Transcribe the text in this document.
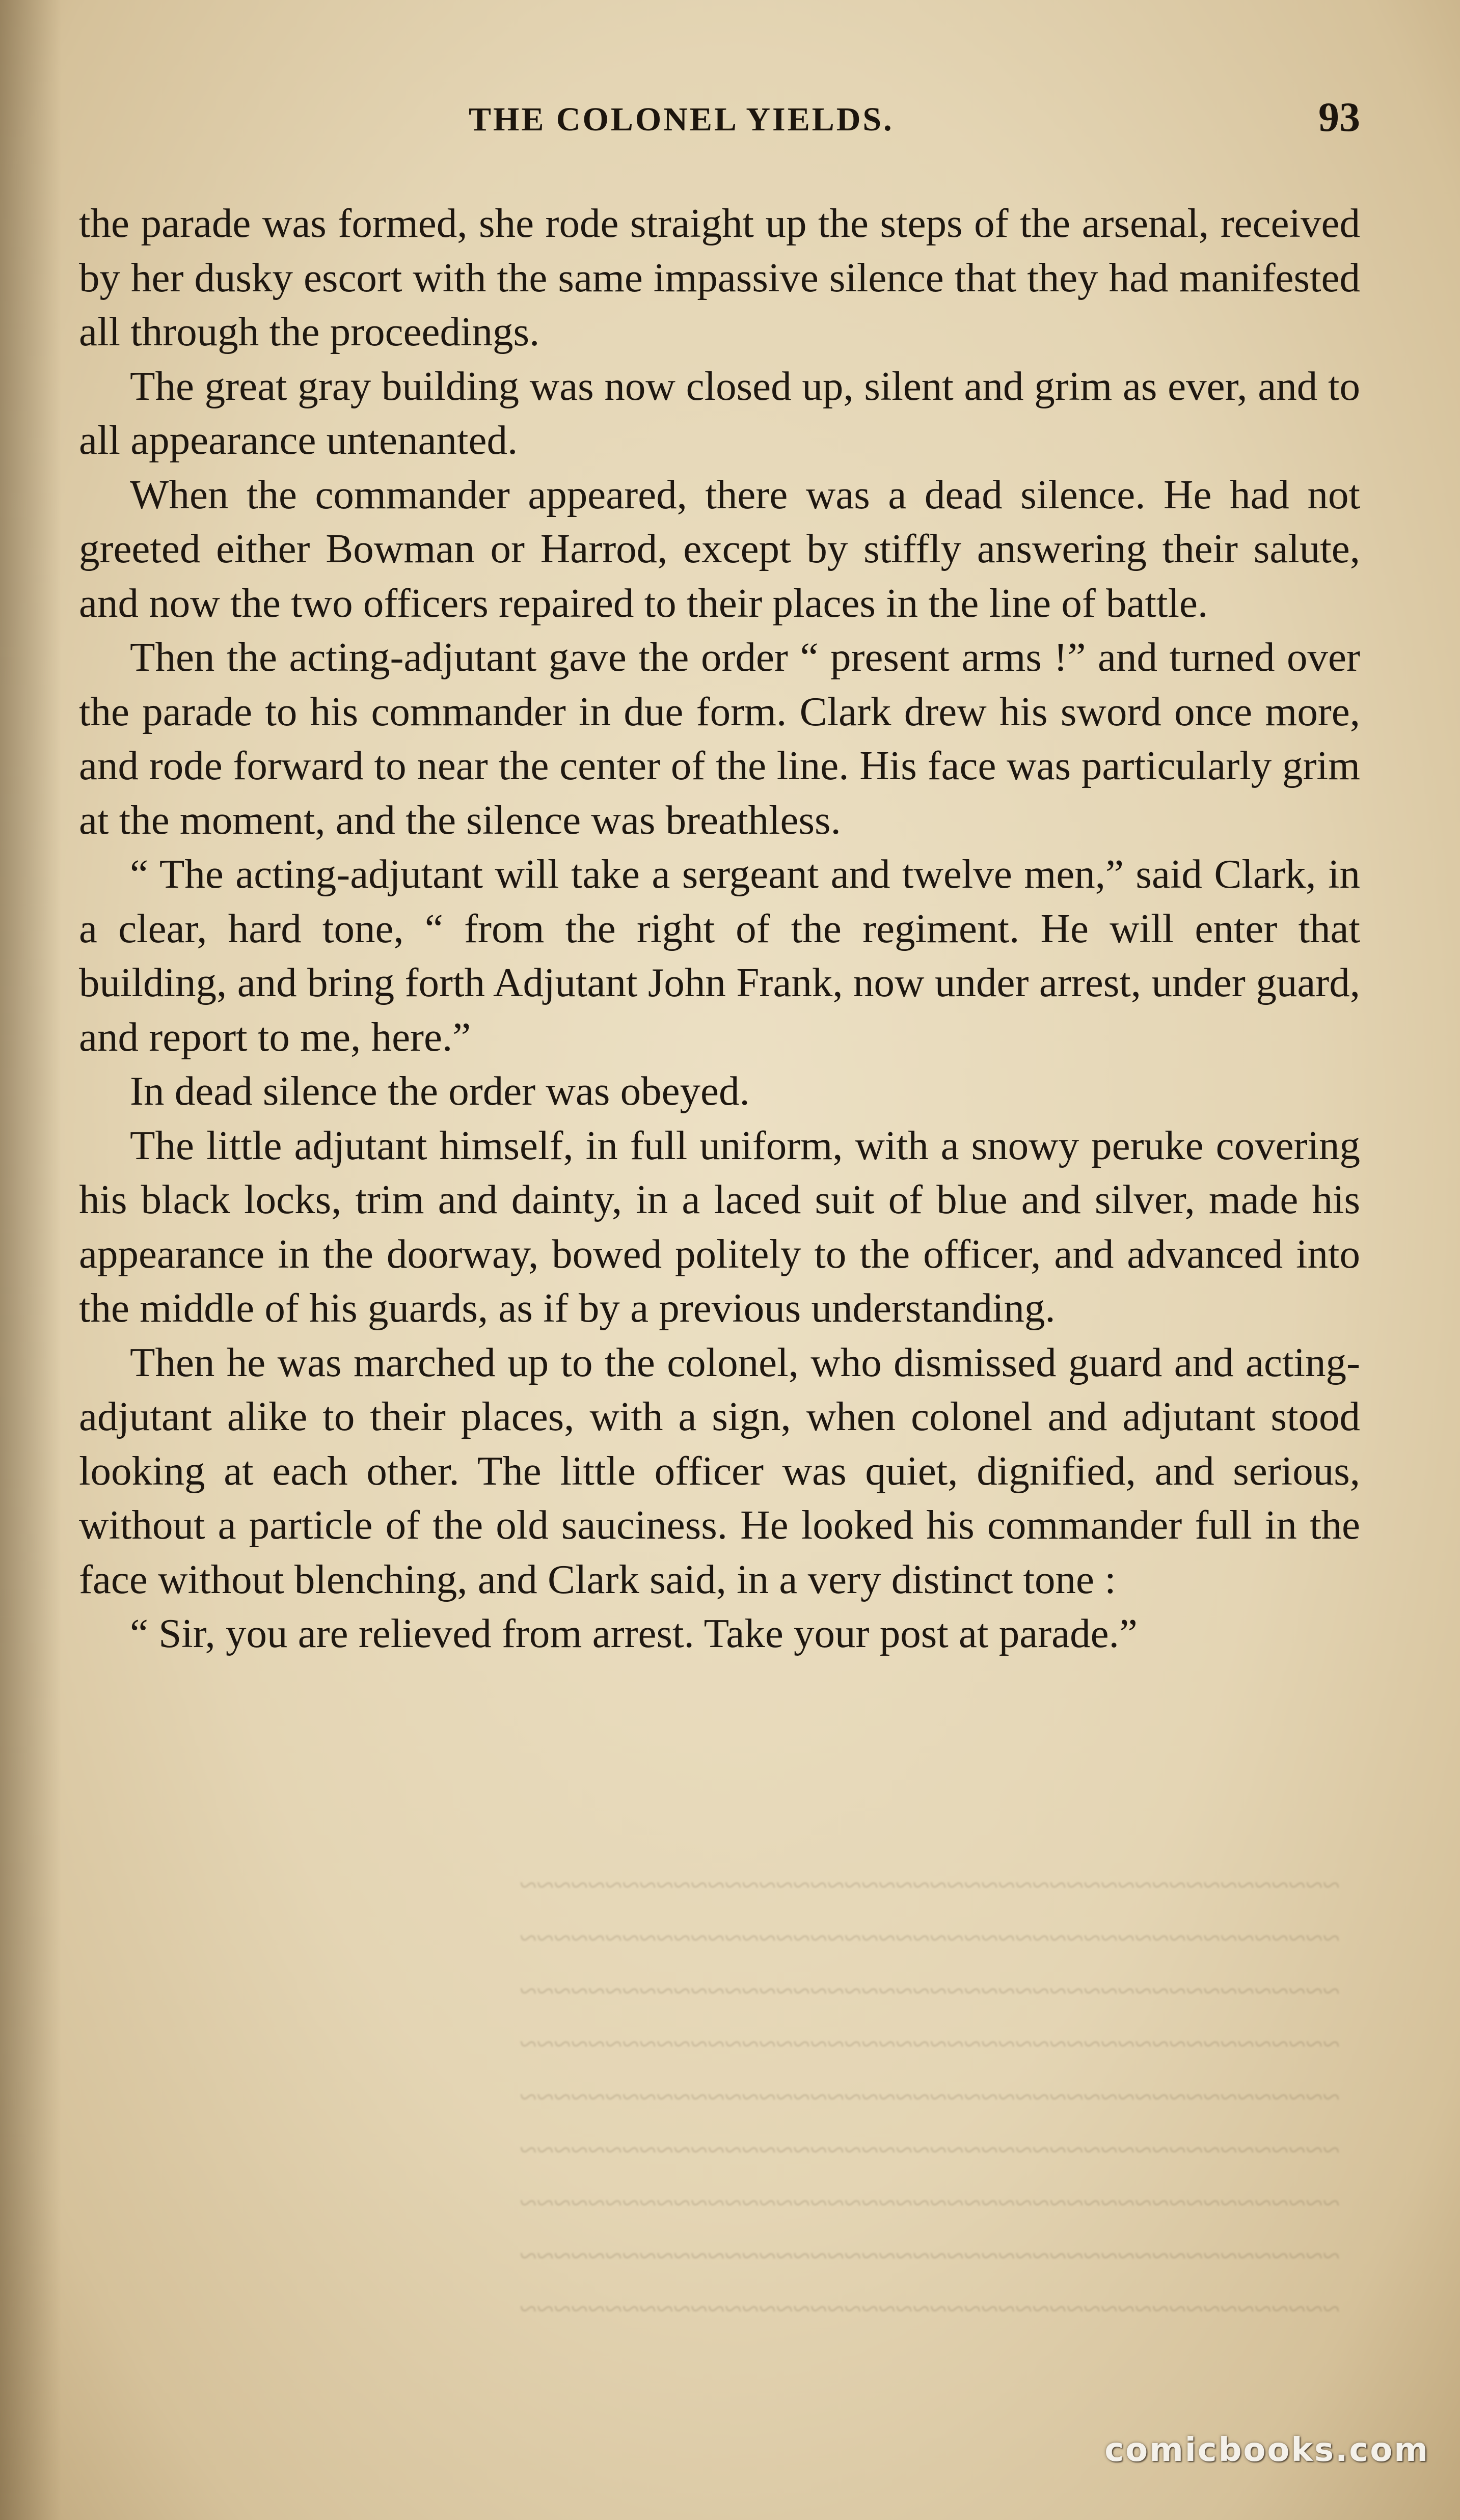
THE COLONEL YIELDS.	93
~~~~~~~~~~~~~~~~~~~~~~~~~~~~~~~~~~~~~~~~~~~~~~~~
~~~~~~~~~~~~~~~~~~~~~~~~~~~~~~~~~~~~~~~~~~~~~~~~
~~~~~~~~~~~~~~~~~~~~~~~~~~~~~~~~~~~~~~~~~~~~~~~~
~~~~~~~~~~~~~~~~~~~~~~~~~~~~~~~~~~~~~~~~~~~~~~~~
~~~~~~~~~~~~~~~~~~~~~~~~~~~~~~~~~~~~~~~~~~~~~~~~
~~~~~~~~~~~~~~~~~~~~~~~~~~~~~~~~~~~~~~~~~~~~~~~~
~~~~~~~~~~~~~~~~~~~~~~~~~~~~~~~~~~~~~~~~~~~~~~~~
~~~~~~~~~~~~~~~~~~~~~~~~~~~~~~~~~~~~~~~~~~~~~~~~
~~~~~~~~~~~~~~~~~~~~~~~~~~~~~~~~~~~~~~~~~~~~~~~~

the parade was formed, she rode straight up the steps of the arsenal, received by her dusky escort with the same impassive silence that they had manifested all through the proceedings.

The great gray building was now closed up, silent and grim as ever, and to all appearance untenanted.

When the commander appeared, there was a dead silence. He had not greeted either Bowman or Harrod, except by stiffly answering their salute, and now the two officers repaired to their places in the line of battle.

Then the acting-adjutant gave the order “ present arms !” and turned over the parade to his commander in due form. Clark drew his sword once more, and rode forward to near the center of the line. His face was particularly grim at the moment, and the silence was breathless.

“ The acting-adjutant will take a sergeant and twelve men,” said Clark, in a clear, hard tone, “ from the right of the regiment. He will enter that building, and bring forth Adjutant John Frank, now under arrest, under guard, and report to me, here.”

In dead silence the order was obeyed.

The little adjutant himself, in full uniform, with a snowy peruke covering his black locks, trim and dainty, in a laced suit of blue and silver, made his appearance in the doorway, bowed politely to the officer, and advanced into the middle of his guards, as if by a previous understanding.

Then he was marched up to the colonel, who dismissed guard and acting-adjutant alike to their places, with a sign, when colonel and adjutant stood looking at each other. The little officer was quiet, dignified, and serious, without a particle of the old sauciness. He looked his commander full in the face without blenching, and Clark said, in a very distinct tone :

“ Sir, you are relieved from arrest. Take your post at parade.”

comicbooks.com
